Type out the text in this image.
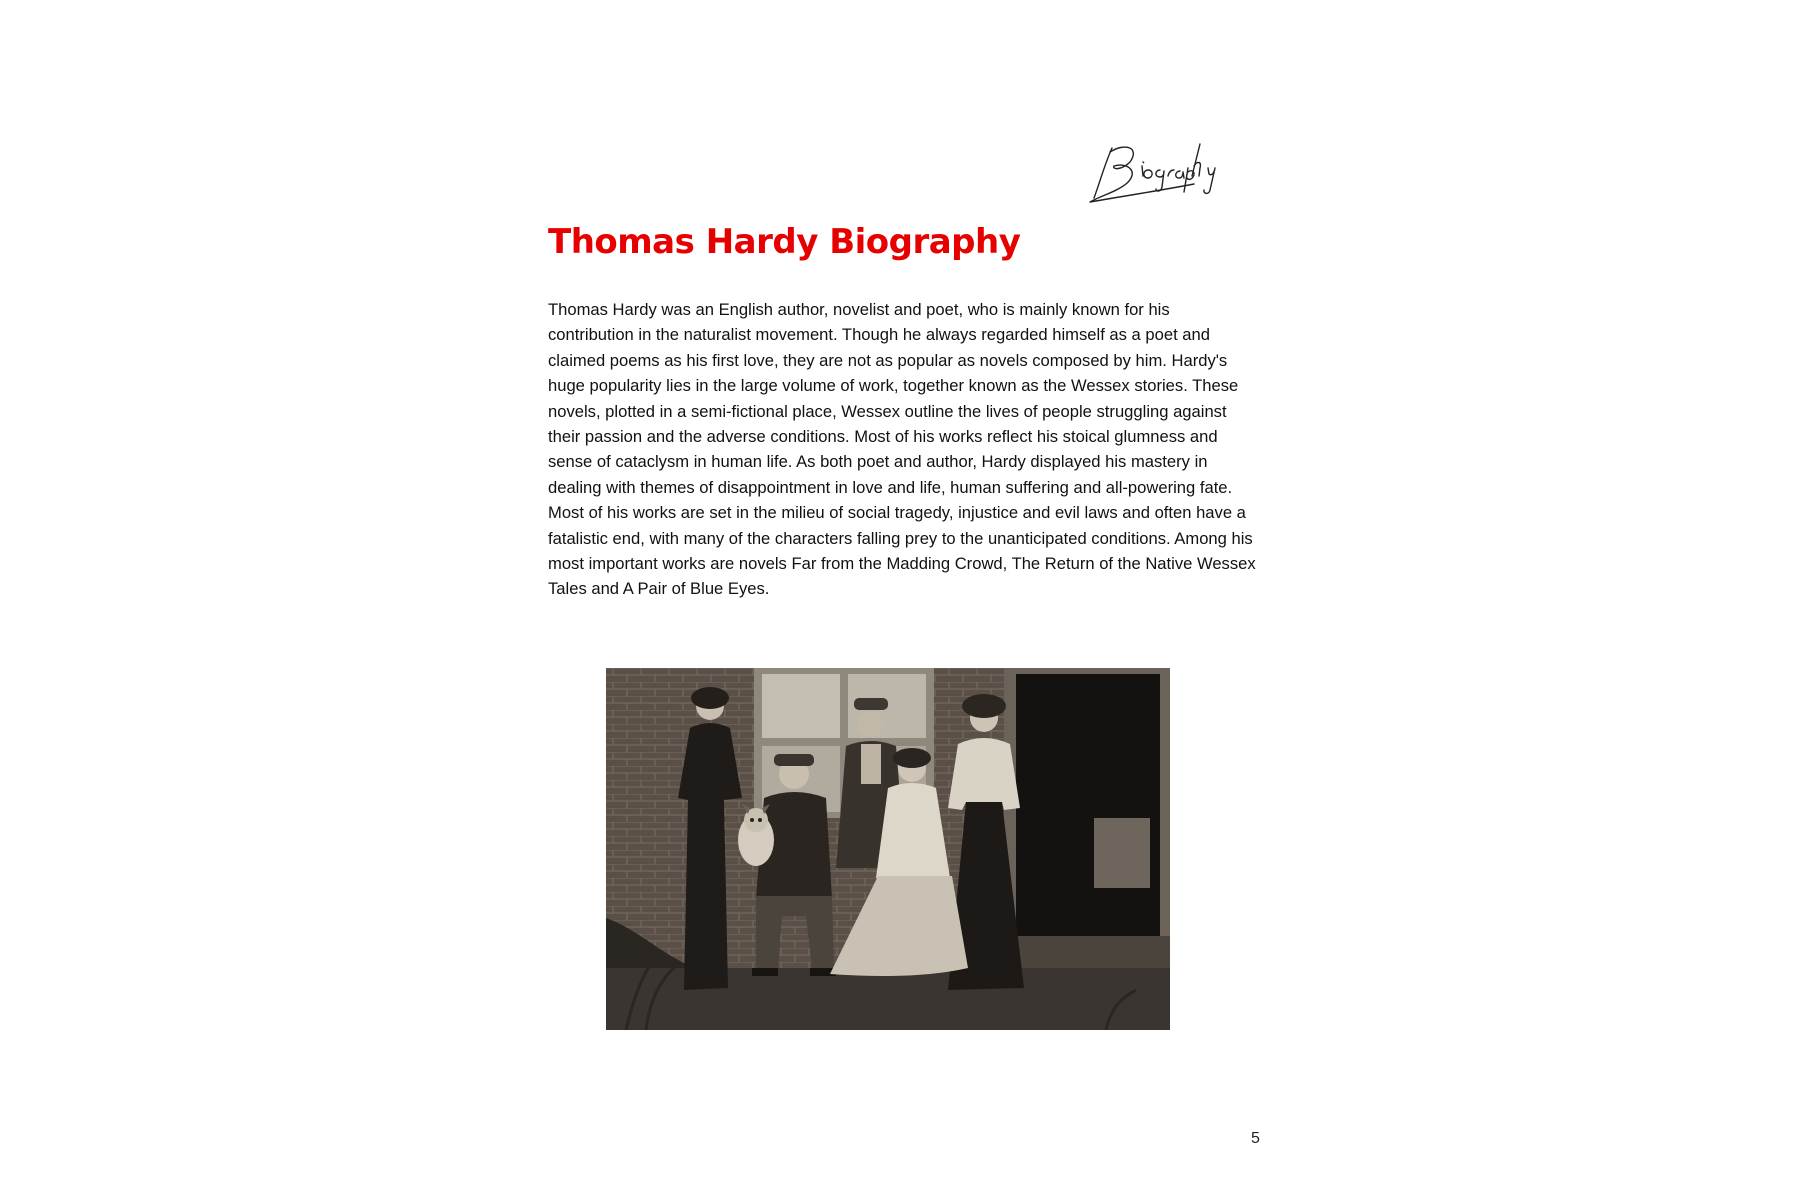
Thomas Hardy Biography

Thomas Hardy was an English author, novelist and poet, who is mainly known for his contribution in the naturalist movement. Though he always regarded himself as a poet and claimed poems as his first love, they are not as popular as novels composed by him. Hardy's huge popularity lies in the large volume of work, together known as the Wessex stories. These novels, plotted in a semi-fictional place, Wessex outline the lives of people struggling against their passion and the adverse conditions. Most of his works reflect his stoical glumness and sense of cataclysm in human life. As both poet and author, Hardy displayed his mastery in dealing with themes of disappointment in love and life, human suffering and all-powering fate. Most of his works are set in the milieu of social tragedy, injustice and evil laws and often have a fatalistic end, with many of the characters falling prey to the unanticipated conditions. Among his most important works are novels Far from the Madding Crowd, The Return of the Native Wessex Tales and A Pair of Blue Eyes.

5
